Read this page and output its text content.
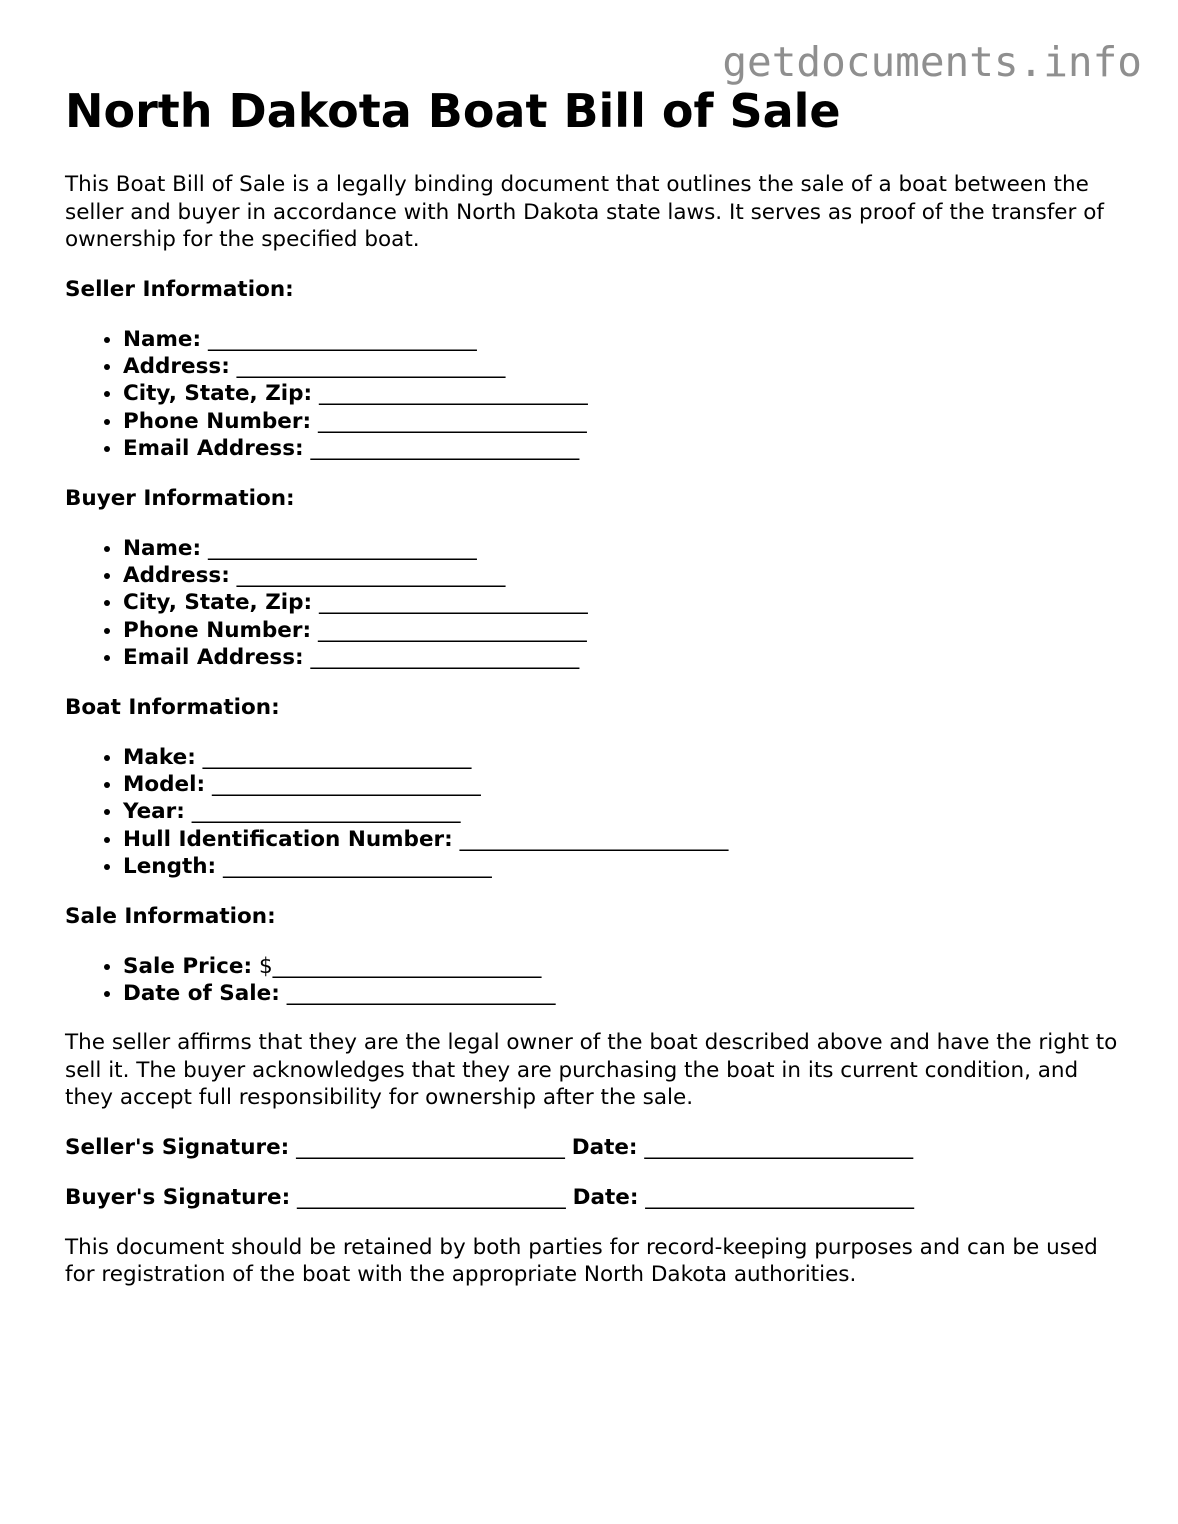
getdocuments.info
North Dakota Boat Bill of Sale

This Boat Bill of Sale is a legally binding document that outlines the sale of a boat between the seller and buyer in accordance with North Dakota state laws. It serves as proof of the transfer of ownership for the specified boat.

Seller Information:
• Name: _________________________
• Address: _________________________
• City, State, Zip: _________________________
• Phone Number: _________________________
• Email Address: _________________________
Buyer Information:
• Name: _________________________
• Address: _________________________
• City, State, Zip: _________________________
• Phone Number: _________________________
• Email Address: _________________________
Boat Information:
• Make: _________________________
• Model: _________________________
• Year: _________________________
• Hull Identification Number: _________________________
• Length: _________________________
Sale Information:
• Sale Price: $_________________________
• Date of Sale: _________________________

The seller affirms that they are the legal owner of the boat described above and have the right to sell it. The buyer acknowledges that they are purchasing the boat in its current condition, and they accept full responsibility for ownership after the sale.

Seller's Signature: _________________________ Date: _________________________
Buyer's Signature: _________________________ Date: _________________________

This document should be retained by both parties for record-keeping purposes and can be used for registration of the boat with the appropriate North Dakota authorities.
